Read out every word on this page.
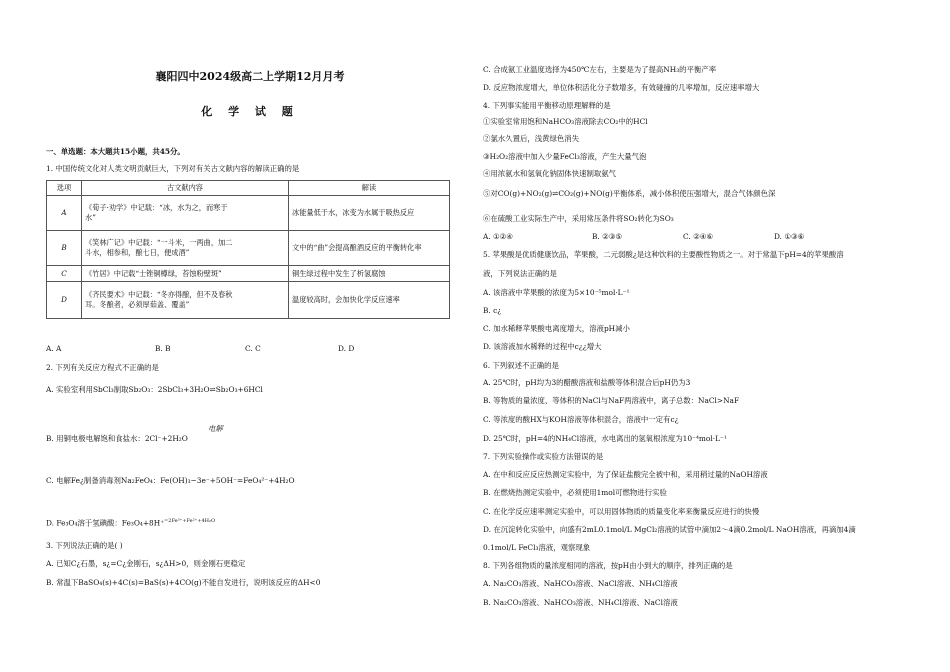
襄阳四中2024级高二上学期12月月考
化 学 试 题
一、单选题：本大题共15小题，共45分。
1. 中国传统文化对人类文明贡献巨大，下列对有关古文献内容的解读正确的是
选项	古文献内容	解读
A	《荀子·劝学》中记载：“冰，水为之，而寒于
水”	冰能量低于水，冰变为水属于吸热反应
B	《笑林广记》中记载：“一斗米，一两曲，加二
斗水，相参和，酿七日，便成酒”	文中的“曲”会提高酿酒反应的平衡转化率
C	《竹居》中记载“士锉铜樽绿，苔蚀粉壁斑”	铜生绿过程中发生了析氢腐蚀
D	《齐民要术》中记载：“冬亦得酿，但不及春秋
耳。冬酿者，必须厚茹盖、覆盖”	温度较高时，会加快化学反应速率
A. A	B. B	C. C	D. D
2. 下列有关反应方程式不正确的是
A. 实验室利用SbCl₃制取Sb₂O₃：2SbCl₃+3H₂O⇌Sb₂O₃+6HCl
B. 用铜电极电解饱和食盐水：2Cl⁻+2H₂O
电解
C. 电解Fe¿制备消毒剂Na₂FeO₄：Fe(OH)₃−3e⁻+5OH⁻=FeO₄²⁻+4H₂O
D. Fe₃O₄溶于氢碘酸：Fe₃O₄+8H⁺$^{=2Fe^{3+}+Fe^{2+}+4H_2O}$
3. 下列说法正确的是( )
A. 已知C¿石墨，s¿=C¿金刚石，s¿ΔH>0，则金刚石更稳定
B. 常温下BaSO₄(s)+4C(s)=BaS(s)+4CO(g)不能自发进行，说明该反应的ΔH<0
C. 合成氨工业温度选择为450℃左右，主要是为了提高NH₃的平衡产率
D. 反应物浓度增大，单位体积活化分子数增多，有效碰撞的几率增加，反应速率增大
4. 下列事实能用平衡移动原理解释的是
①实验室常用饱和NaHCO₃溶液除去CO₂中的HCl
②氯水久置后，浅黄绿色消失
③H₂O₂溶液中加入少量FeCl₃溶液，产生大量气泡
④用浓氨水和氢氧化钠固体快速制取氨气
⑤对CO(g)+NO₂(g)⇌CO₂(g)+NO(g)平衡体系，减小体积使压强增大，混合气体颜色深
⑥在硫酸工业实际生产中，采用常压条件将SO₂转化为SO₃
A. ①②④	B. ②③⑤	C. ②④⑥	D. ①③⑥
5. 苹果酸是优质健康饮品，苹果酸，二元弱酸¿是这种饮料的主要酸性物质之一。对于常温下pH=4的苹果酸溶
液，下列说法正确的是
A. 该溶液中苹果酸的浓度为5×10⁻⁵mol·L⁻¹
B. c¿
C. 加水稀释苹果酸电离度增大，溶液pH减小
D. 该溶液加水稀释的过程中c¿¿增大
6. 下列叙述不正确的是
A. 25℃时，pH均为3的醋酸溶液和盐酸等体积混合后pH仍为3
B. 等物质的量浓度、等体积的NaCl与NaF两溶液中，离子总数：NaCl>NaF
C. 等浓度的酸HX与KOH溶液等体积混合，溶液中一定有c¿
D. 25℃时，pH=4的NH₄Cl溶液，水电离出的氢氧根浓度为10⁻⁴mol·L⁻¹
7. 下列实验操作或实验方法错误的是
A. 在中和反应反应热测定实验中，为了保证盐酸完全被中和，采用稍过量的NaOH溶液
B. 在燃烧热测定实验中，必须使用1mol可燃物进行实验
C. 在化学反应速率测定实验中，可以用固体物质的质量变化率来衡量反应进行的快慢
D. 在沉淀转化实验中，向盛有2mL0.1mol/L MgCl₂溶液的试管中滴加2～4滴0.2mol/L NaOH溶液，再滴加4滴
0.1mol/L FeCl₃溶液，观察现象
8. 下列各组物质的量浓度相同的溶液，按pH由小到大的顺序，排列正确的是
A. Na₂CO₃溶液、NaHCO₃溶液、NaCl溶液、NH₄Cl溶液
B. Na₂CO₃溶液、NaHCO₃溶液、NH₄Cl溶液、NaCl溶液
